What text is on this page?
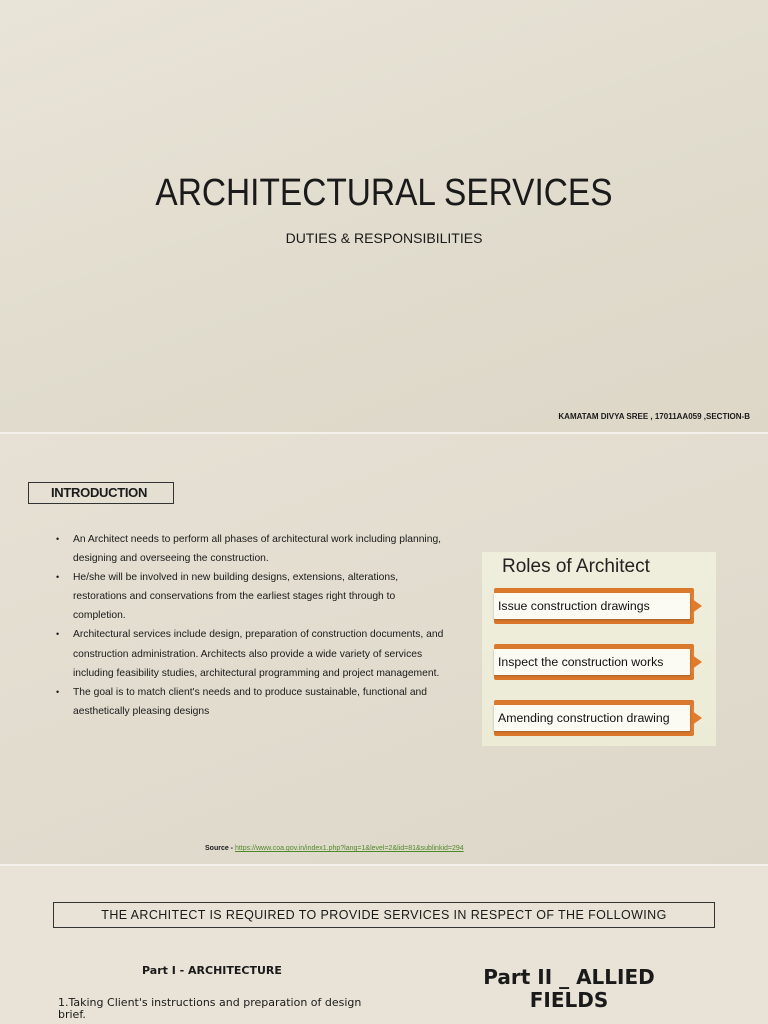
ARCHITECTURAL SERVICES
DUTIES & RESPONSIBILITIES
KAMATAM DIVYA SREE , 17011AA059 ,SECTION-B
INTRODUCTION
• An Architect needs to perform all phases of architectural work including planning, designing and overseeing the construction.
• He/she will be involved in new building designs, extensions, alterations, restorations and conservations from the earliest stages right through to completion.
• Architectural services include design, preparation of construction documents, and construction administration. Architects also provide a wide variety of services including feasibility studies, architectural programming and project management.
• The goal is to match client's needs and to produce sustainable, functional and aesthetically pleasing designs
Roles of Architect
Issue construction drawings
Inspect the construction works
Amending construction drawing
Source - https://www.coa.gov.in/index1.php?lang=1&level=2&lid=81&sublinkid=294
THE ARCHITECT IS REQUIRED TO PROVIDE SERVICES IN RESPECT OF THE FOLLOWING
Part I - ARCHITECTURE
1.Taking Client's instructions and preparation of design brief.
Part II _ ALLIED FIELDS
